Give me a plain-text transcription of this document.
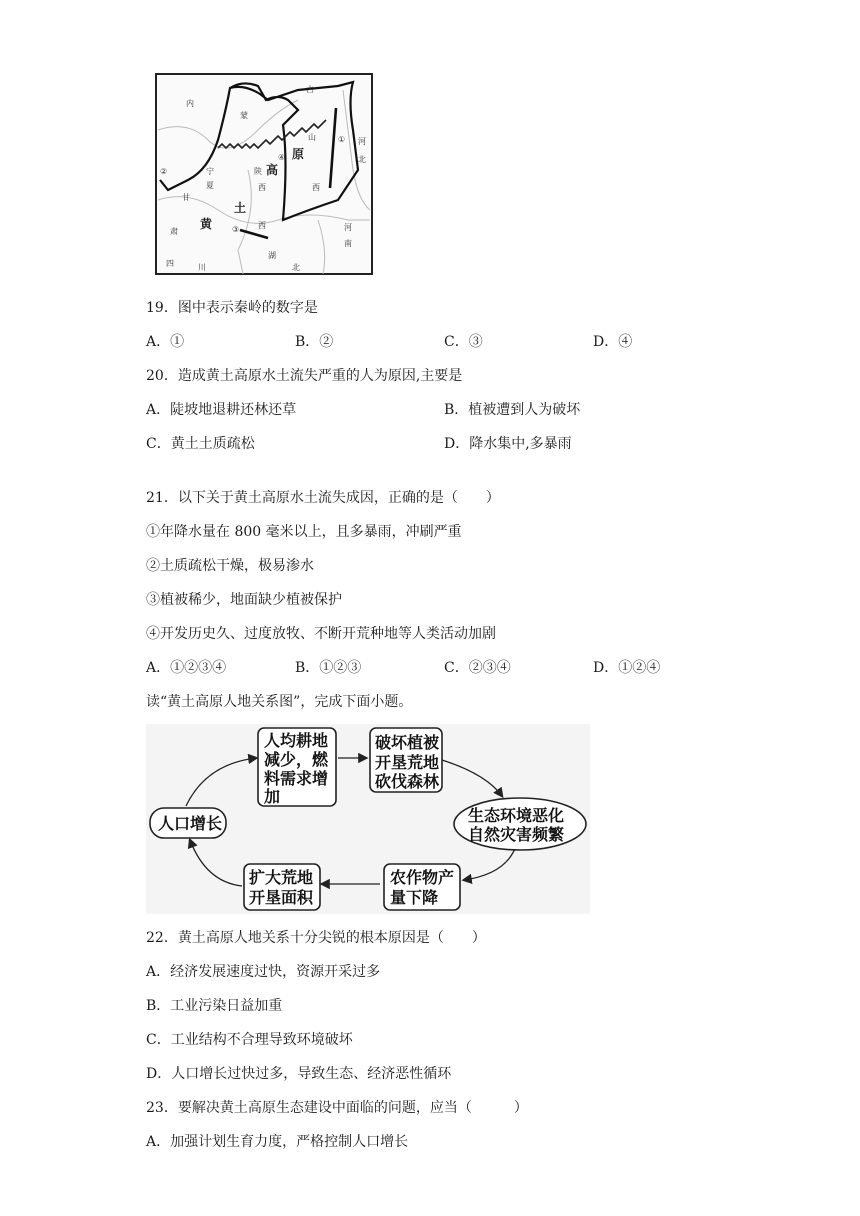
内
蒙
古
山
西
河
北
宁
夏
甘
肃
陕
西
西
高
原
黄
土
河
南
四	川
湖
北
①
②
③
④
19．图中表示秦岭的数字是
A．①	B．②	C．③	D．④
20．造成黄土高原水土流失严重的人为原因,主要是
A．陡坡地退耕还林还草	B．植被遭到人为破坏
C．黄土土质疏松	D．降水集中,多暴雨
21．以下关于黄土高原水土流失成因，正确的是（　　）
①年降水量在 800 毫米以上，且多暴雨，冲刷严重
②土质疏松干燥，极易渗水
③植被稀少，地面缺少植被保护
④开发历史久、过度放牧、不断开荒种地等人类活动加剧
A．①②③④	B．①②③	C．②③④	D．①②④
读“黄土高原人地关系图”，完成下面小题。
人口增长
人均耕地
减少，燃
料需求增
加
破坏植被
开垦荒地
砍伐森林
生态环境恶化
自然灾害频繁
农作物产
量下降
扩大荒地
开垦面积
22．黄土高原人地关系十分尖锐的根本原因是（　　）
A．经济发展速度过快，资源开采过多
B．工业污染日益加重
C．工业结构不合理导致环境破坏
D．人口增长过快过多，导致生态、经济恶性循环
23．要解决黄土高原生态建设中面临的问题，应当（　　　）
A．加强计划生育力度，严格控制人口增长
